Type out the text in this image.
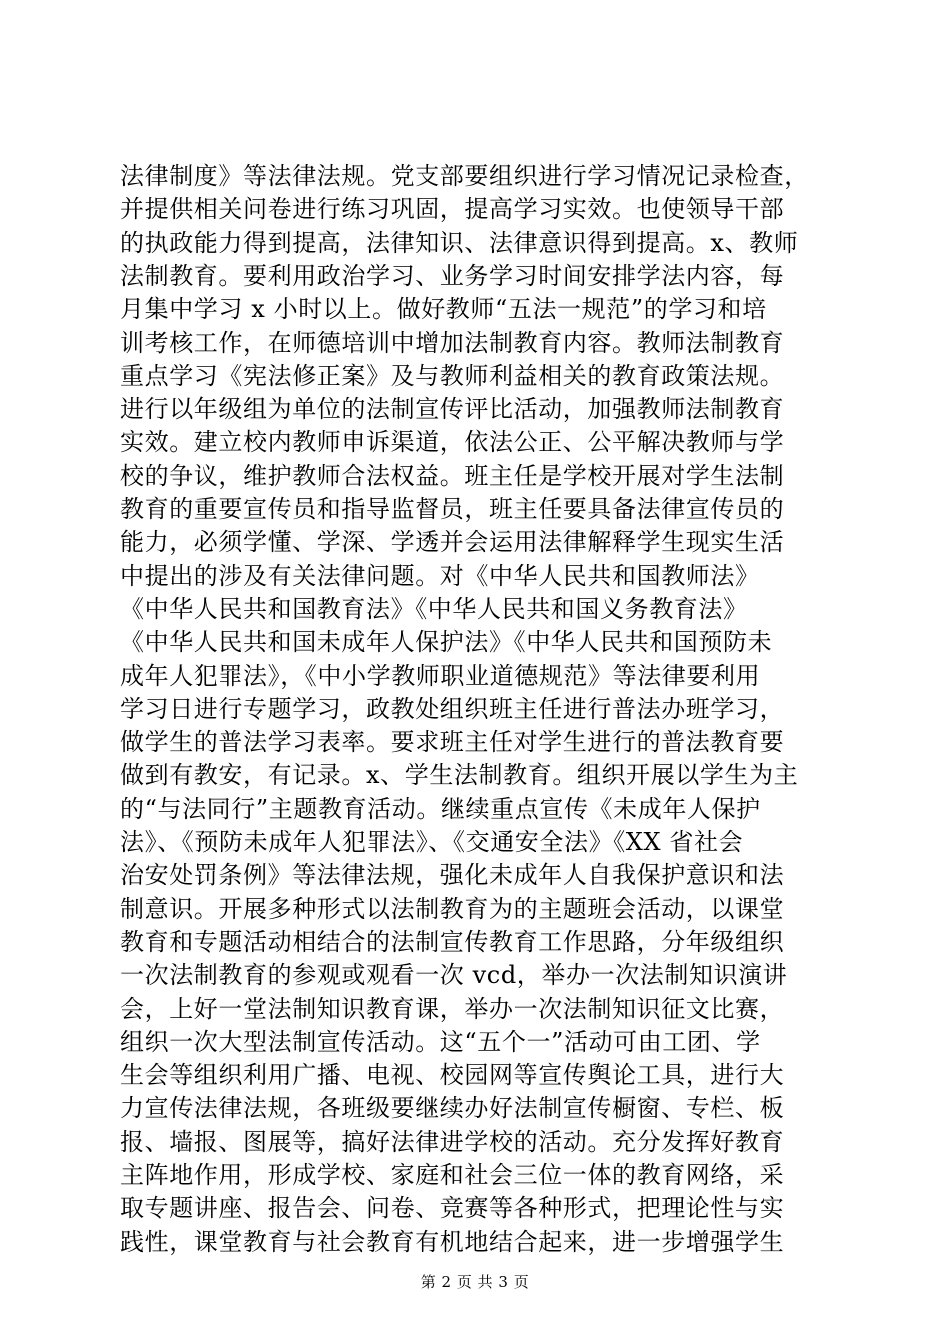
法律制度》等法律法规。党支部要组织进行学习情况记录检查，
并提供相关问卷进行练习巩固，提高学习实效。也使领导干部
的执政能力得到提高，法律知识、法律意识得到提高。x、教师
法制教育。要利用政治学习、业务学习时间安排学法内容，每
月集中学习 x 小时以上。做好教师“五法一规范”的学习和培
训考核工作，在师德培训中增加法制教育内容。教师法制教育
重点学习《宪法修正案》及与教师利益相关的教育政策法规。
进行以年级组为单位的法制宣传评比活动，加强教师法制教育
实效。建立校内教师申诉渠道，依法公正、公平解决教师与学
校的争议，维护教师合法权益。班主任是学校开展对学生法制
教育的重要宣传员和指导监督员，班主任要具备法律宣传员的
能力，必须学懂、学深、学透并会运用法律解释学生现实生活
中提出的涉及有关法律问题。对《中华人民共和国教师法》
《中华人民共和国教育法》《中华人民共和国义务教育法》
《中华人民共和国未成年人保护法》《中华人民共和国预防未
成年人犯罪法》，《中小学教师职业道德规范》等法律要利用
学习日进行专题学习，政教处组织班主任进行普法办班学习，
做学生的普法学习表率。要求班主任对学生进行的普法教育要
做到有教安，有记录。x、学生法制教育。组织开展以学生为主
的“与法同行”主题教育活动。继续重点宣传《未成年人保护
法》、《预防未成年人犯罪法》、《交通安全法》《XX 省社会
治安处罚条例》等法律法规，强化未成年人自我保护意识和法
制意识。开展多种形式以法制教育为的主题班会活动，以课堂
教育和专题活动相结合的法制宣传教育工作思路，分年级组织
一次法制教育的参观或观看一次 vcd，举办一次法制知识演讲
会，上好一堂法制知识教育课，举办一次法制知识征文比赛，
组织一次大型法制宣传活动。这“五个一”活动可由工团、学
生会等组织利用广播、电视、校园网等宣传舆论工具，进行大
力宣传法律法规，各班级要继续办好法制宣传橱窗、专栏、板
报、墙报、图展等，搞好法律进学校的活动。充分发挥好教育
主阵地作用，形成学校、家庭和社会三位一体的教育网络，采
取专题讲座、报告会、问卷、竞赛等各种形式，把理论性与实
践性，课堂教育与社会教育有机地结合起来，进一步增强学生
第 2 页 共 3 页
